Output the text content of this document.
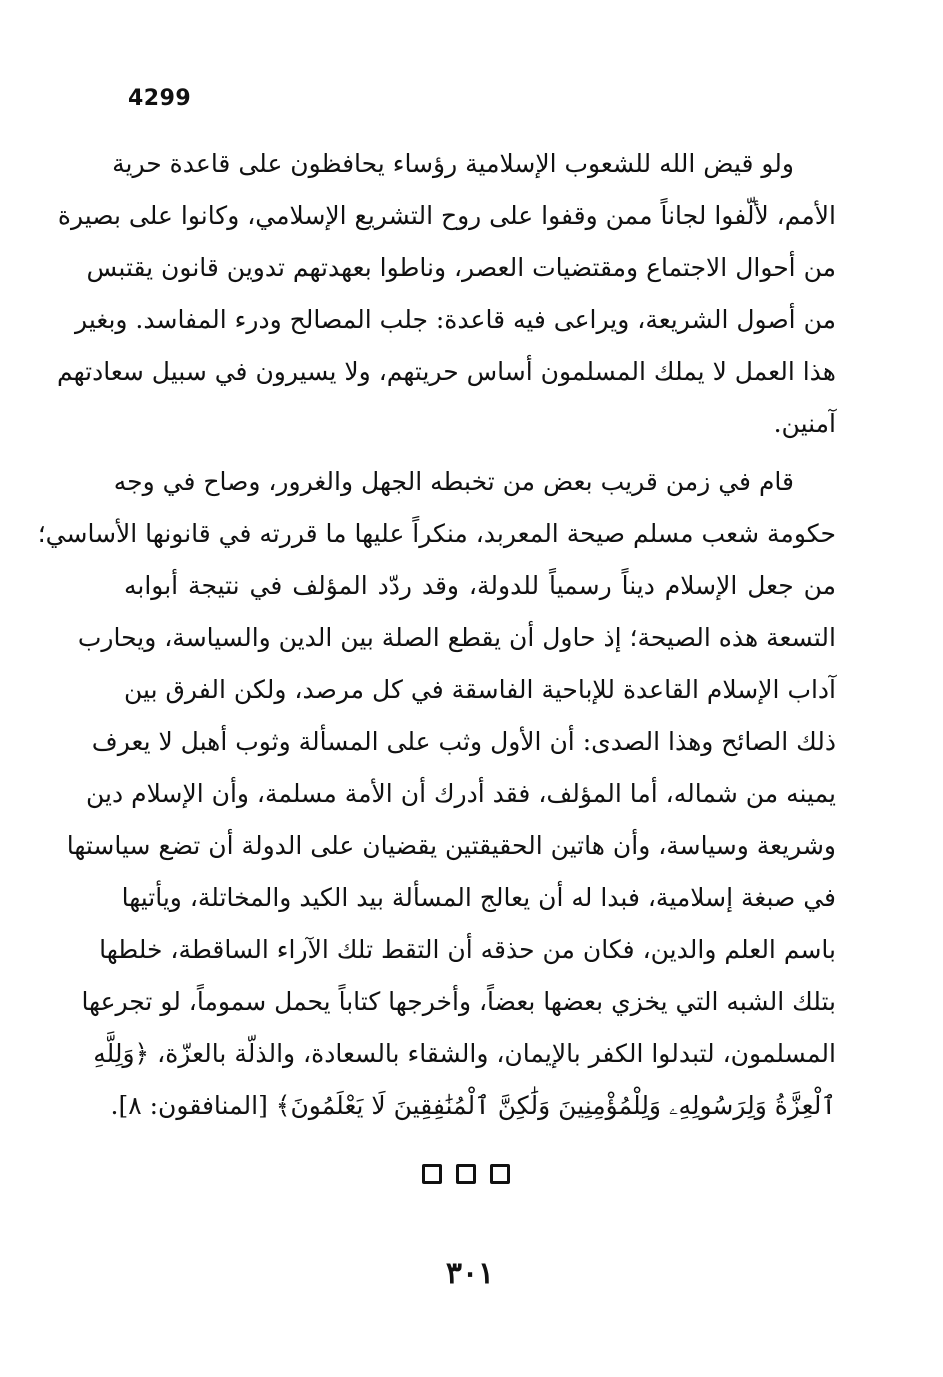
4299
ولو قيض الله للشعوب الإسلامية رؤساء يحافظون على قاعدة حرية
الأمم، لألّفوا لجاناً ممن وقفوا على روح التشريع الإسلامي، وكانوا على بصيرة
من أحوال الاجتماع ومقتضيات العصر، وناطوا بعهدتهم تدوين قانون يقتبس
من أصول الشريعة، ويراعى فيه قاعدة: جلب المصالح ودرء المفاسد. وبغير
هذا العمل لا يملك المسلمون أساس حريتهم، ولا يسيرون في سبيل سعادتهم
آمنين.
قام في زمن قريب بعض من تخبطه الجهل والغرور، وصاح في وجه
حكومة شعب مسلم صيحة المعربد، منكراً عليها ما قررته في قانونها الأساسي؛
من جعل الإسلام ديناً رسمياً للدولة، وقد ردّد المؤلف في نتيجة أبوابه
التسعة هذه الصيحة؛ إذ حاول أن يقطع الصلة بين الدين والسياسة، ويحارب
آداب الإسلام القاعدة للإباحية الفاسقة في كل مرصد، ولكن الفرق بين
ذلك الصائح وهذا الصدى: أن الأول وثب على المسألة وثوب أهبل لا يعرف
يمينه من شماله، أما المؤلف، فقد أدرك أن الأمة مسلمة، وأن الإسلام دين
وشريعة وسياسة، وأن هاتين الحقيقتين يقضيان على الدولة أن تضع سياستها
في صبغة إسلامية، فبدا له أن يعالج المسألة بيد الكيد والمخاتلة، ويأتيها
باسم العلم والدين، فكان من حذقه أن التقط تلك الآراء الساقطة، خلطها
بتلك الشبه التي يخزي بعضها بعضاً، وأخرجها كتاباً يحمل سموماً، لو تجرعها
المسلمون، لتبدلوا الكفر بالإيمان، والشقاء بالسعادة، والذلّة بالعزّة، ﴿وَلِلَّهِ
ٱلْعِزَّةُ وَلِرَسُولِهِۦ وَلِلْمُؤْمِنِينَ وَلَٰكِنَّ ٱلْمُنَٰفِقِينَ لَا يَعْلَمُونَ﴾ [المنافقون: ٨].
٣٠١
